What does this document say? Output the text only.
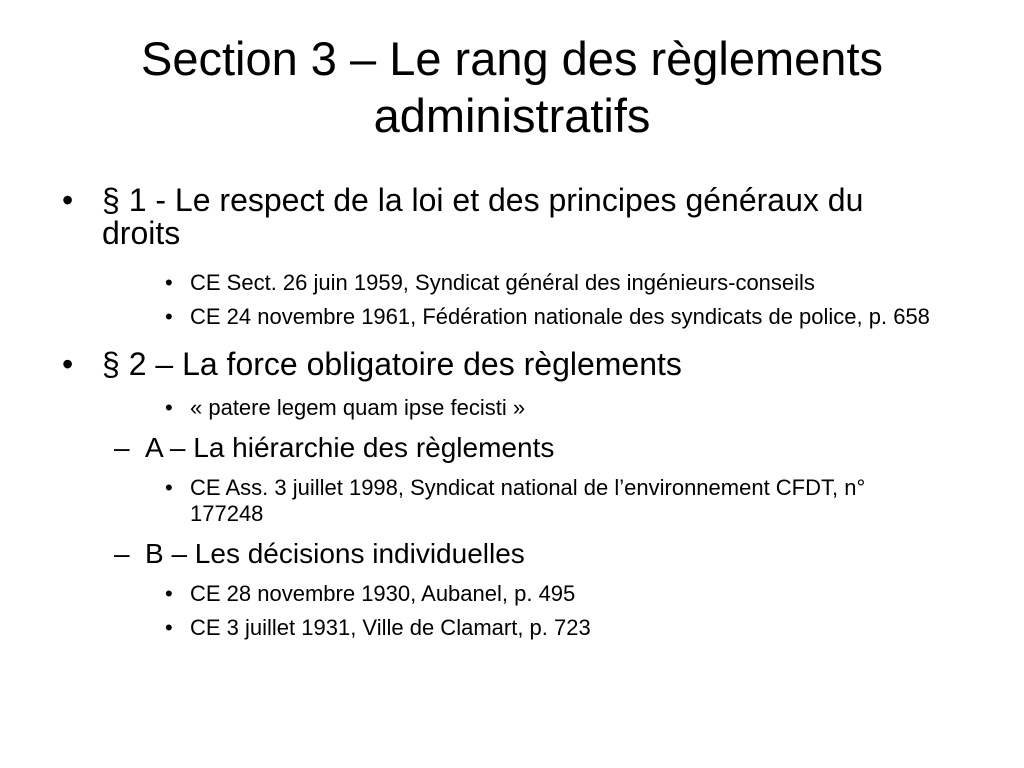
Section 3 – Le rang des règlements
administratifs
• § 1 - Le respect de la loi et des principes généraux du droits
• CE Sect. 26 juin 1959, Syndicat général des ingénieurs-conseils
• CE 24 novembre 1961, Fédération nationale des syndicats de police, p. 658
• § 2 – La force obligatoire des règlements
• « patere legem quam ipse fecisti »
– A – La hiérarchie des règlements
• CE Ass. 3 juillet 1998, Syndicat national de l’environnement CFDT, n° 177248
– B – Les décisions individuelles
• CE 28 novembre 1930, Aubanel, p. 495
• CE 3 juillet 1931, Ville de Clamart, p. 723
